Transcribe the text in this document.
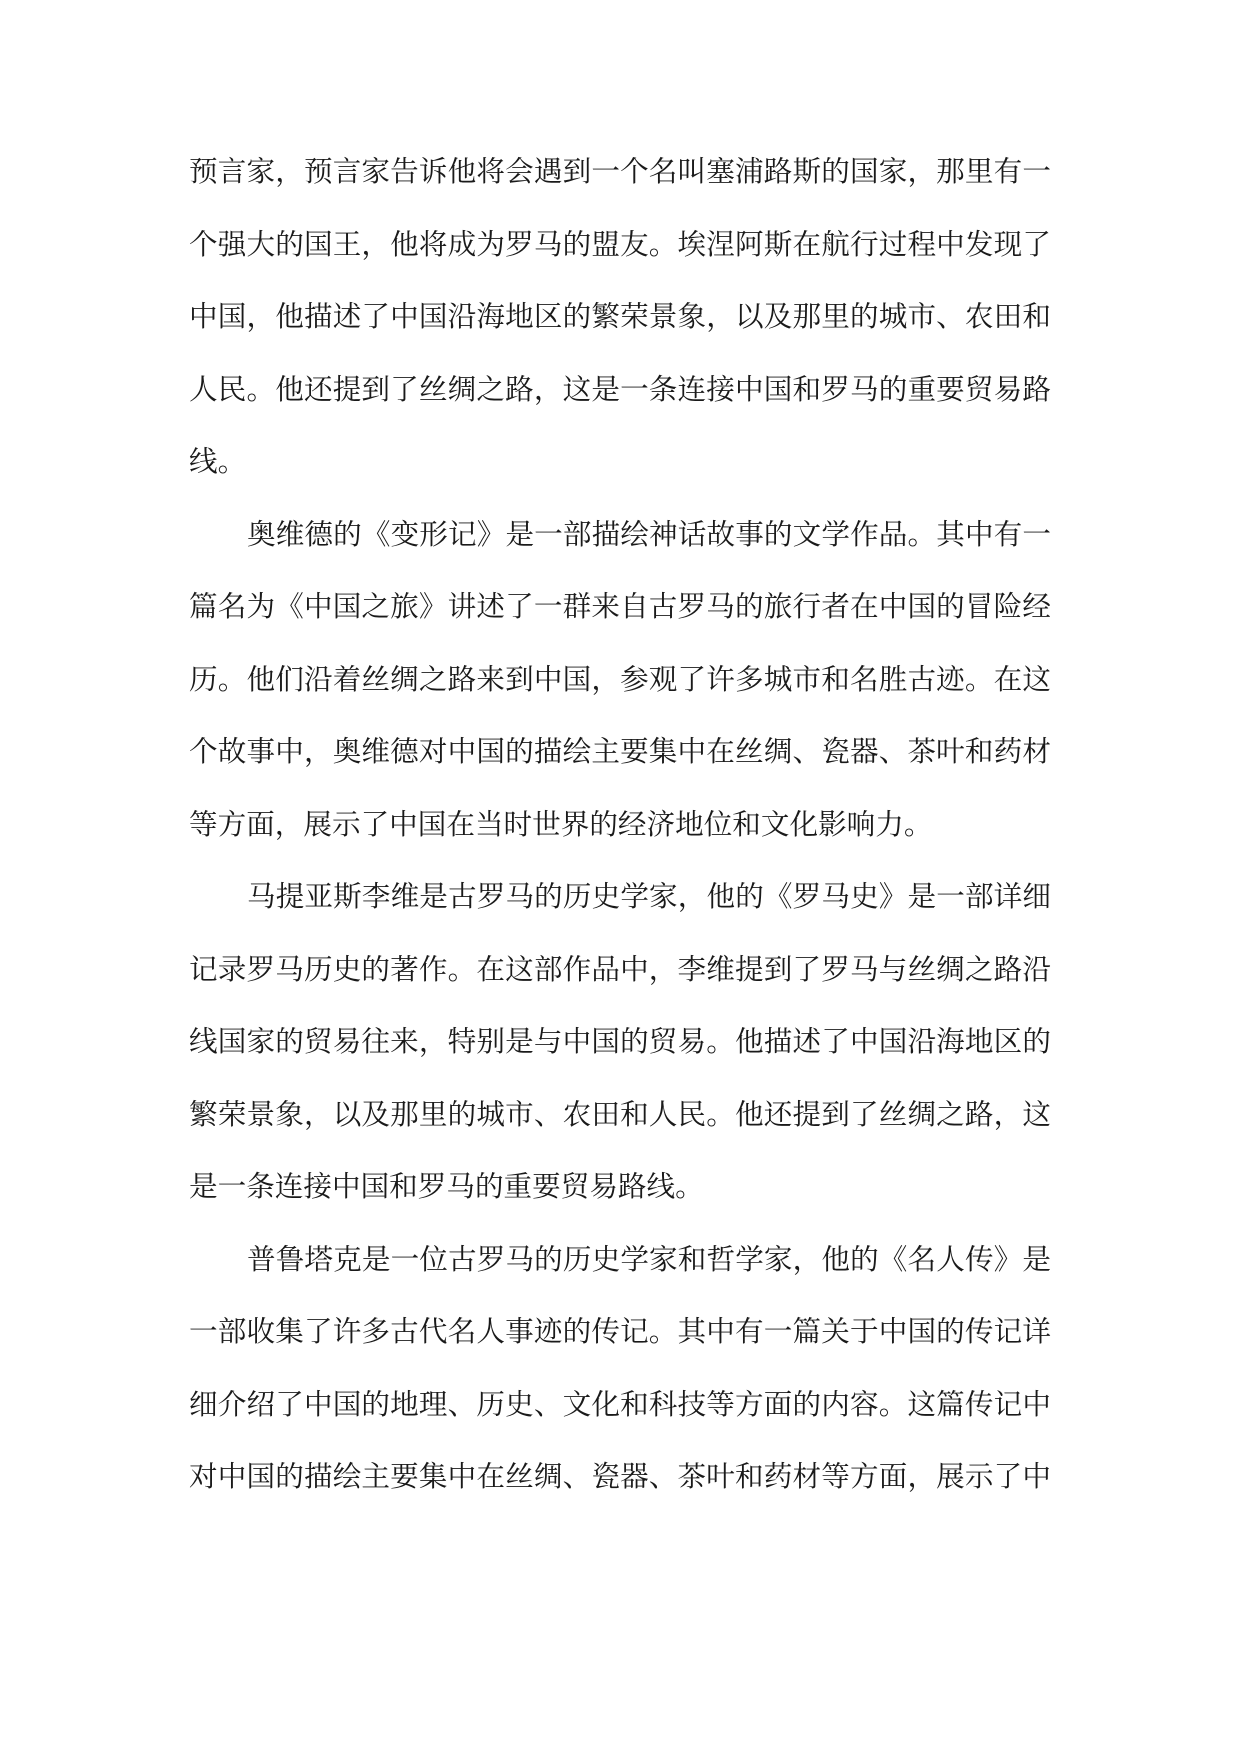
预言家，预言家告诉他将会遇到一个名叫塞浦路斯的国家，那里有一
个强大的国王，他将成为罗马的盟友。埃涅阿斯在航行过程中发现了
中国，他描述了中国沿海地区的繁荣景象，以及那里的城市、农田和
人民。他还提到了丝绸之路，这是一条连接中国和罗马的重要贸易路
线。
奥维德的《变形记》是一部描绘神话故事的文学作品。其中有一
篇名为《中国之旅》讲述了一群来自古罗马的旅行者在中国的冒险经
历。他们沿着丝绸之路来到中国，参观了许多城市和名胜古迹。在这
个故事中，奥维德对中国的描绘主要集中在丝绸、瓷器、茶叶和药材
等方面，展示了中国在当时世界的经济地位和文化影响力。
马提亚斯李维是古罗马的历史学家，他的《罗马史》是一部详细
记录罗马历史的著作。在这部作品中，李维提到了罗马与丝绸之路沿
线国家的贸易往来，特别是与中国的贸易。他描述了中国沿海地区的
繁荣景象，以及那里的城市、农田和人民。他还提到了丝绸之路，这
是一条连接中国和罗马的重要贸易路线。
普鲁塔克是一位古罗马的历史学家和哲学家，他的《名人传》是
一部收集了许多古代名人事迹的传记。其中有一篇关于中国的传记详
细介绍了中国的地理、历史、文化和科技等方面的内容。这篇传记中
对中国的描绘主要集中在丝绸、瓷器、茶叶和药材等方面，展示了中
